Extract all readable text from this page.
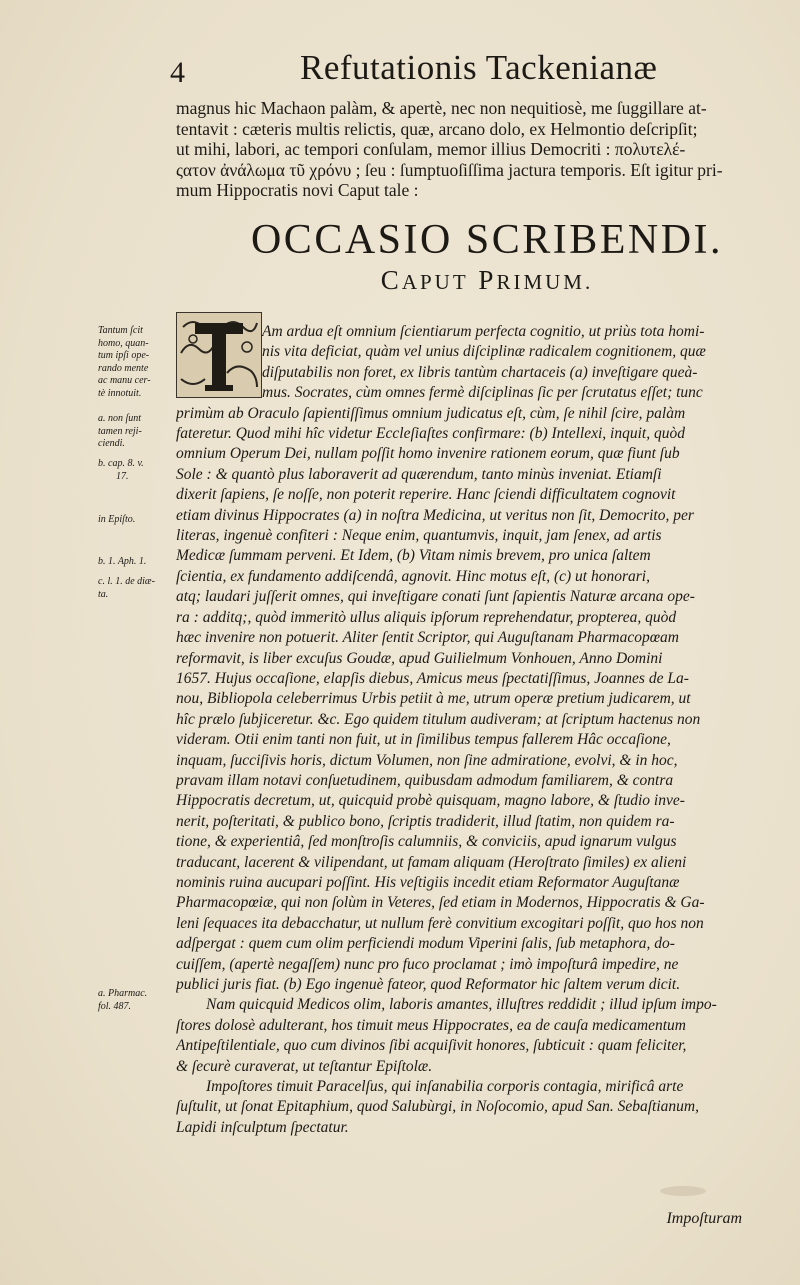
4	Refutationis Tackenianæ
magnus hic Machaon palàm, & apertè, nec non nequitiosè, me ſuggillare at-
tentavit : cæteris multis relictis, quæ, arcano dolo, ex Helmontio deſcripſit;
ut mihi, labori, ac tempori conſulam, memor illius Democriti : πολυτελέ-
ςατον ἀνάλωμα τῦ χρόνυ ; ſeu : ſumptuoſiſſima jactura temporis. Eſt igitur pri-
mum Hippocratis novi Caput tale :
OCCASIO SCRIBENDI.
CAPUT PRIMUM.
Am ardua eſt omnium ſcientiarum perfecta cognitio, ut priùs tota homi-
nis vita deficiat, quàm vel unius diſciplinæ radicalem cognitionem, quæ
diſputabilis non foret, ex libris tantùm chartaceis (a) inveſtigare queà-
mus. Socrates, cùm omnes fermè diſciplinas ſic per ſcrutatus eſſet; tunc
primùm ab Oraculo ſapientiſſimus omnium judicatus eſt, cùm, ſe nihil ſcire, palàm
fateretur. Quod mihi hîc videtur Eccleſiaſtes confirmare: (b) Intellexi, inquit, quòd
omnium Operum Dei, nullam poſſit homo invenire rationem eorum, quæ fiunt ſub
Sole : & quantò plus laboraverit ad quærendum, tanto minùs inveniat. Etiamſi
dixerit ſapiens, ſe noſſe, non poterit reperire. Hanc ſciendi difficultatem cognovit
etiam divinus Hippocrates (a) in noſtra Medicina, ut veritus non ſit, Democrito, per
literas, ingenuè confiteri : Neque enim, quantumvis, inquit, jam ſenex, ad artis
Medicæ ſummam perveni. Et Idem, (b) Vitam nimis brevem, pro unica ſaltem
ſcientia, ex fundamento addiſcendâ, agnovit. Hinc motus eſt, (c) ut honorari,
atq; laudari juſſerit omnes, qui inveſtigare conati ſunt ſapientis Naturæ arcana ope-
ra : additq;, quòd immeritò ullus aliquis ipſorum reprehendatur, propterea, quòd
hæc invenire non potuerit. Aliter ſentit Scriptor, qui Auguſtanam Pharmacopœam
reformavit, is liber excuſus Goudæ, apud Guilielmum Vonhouen, Anno Domini
1657. Hujus occaſione, elapſis diebus, Amicus meus ſpectatiſſimus, Joannes de La-
nou, Bibliopola celeberrimus Urbis petiit à me, utrum operæ pretium judicarem, ut
hîc prælo ſubjiceretur. &c. Ego quidem titulum audiveram; at ſcriptum hactenus non
videram. Otii enim tanti non fuit, ut in ſimilibus tempus fallerem Hâc occaſione,
inquam, ſucciſivis horis, dictum Volumen, non ſine admiratione, evolvi, & in hoc,
pravam illam notavi conſuetudinem, quibusdam admodum familiarem, & contra
Hippocratis decretum, ut, quicquid probè quisquam, magno labore, & ſtudio inve-
nerit, poſteritati, & publico bono, ſcriptis tradiderit, illud ſtatim, non quidem ra-
tione, & experientiâ, ſed monſtroſis calumniis, & conviciis, apud ignarum vulgus
traducant, lacerent & vilipendant, ut famam aliquam (Heroſtrato ſimiles) ex alieni
nominis ruina aucupari poſſint. His veſtigiis incedit etiam Reformator Auguſtanæ
Pharmacopœiæ, qui non ſolùm in Veteres, ſed etiam in Modernos, Hippocratis & Ga-
leni ſequaces ita debacchatur, ut nullum ferè convitium excogitari poſſit, quo hos non
adſpergat : quem cum olim perficiendi modum Viperini ſalis, ſub metaphora, do-
cuiſſem, (apertè negaſſem) nunc pro fuco proclamat ; imò impoſturâ impedire, ne
publici juris fiat. (b) Ego ingenuè fateor, quod Reformator hic ſaltem verum dicit.
Nam quicquid Medicos olim, laboris amantes, illuſtres reddidit ; illud ipſum impo-
ſtores dolosè adulterant, hos timuit meus Hippocrates, ea de cauſa medicamentum
Antipeſtilentiale, quo cum divinos ſibi acquiſivit honores, ſubticuit : quam feliciter,
& ſecurè curaverat, ut teſtantur Epiſtolæ.
Impoſtores timuit Paracelſus, qui inſanabilia corporis contagia, mirificâ arte
ſuſtulit, ut ſonat Epitaphium, quod Salubùrgi, in Noſocomio, apud San. Sebaſtianum,
Lapidi inſculptum ſpectatur.
Tantum ſcit
homo, quan-
tum ipſi ope-
rando mente
ac manu cer-
tè innotuit.
a. non ſunt
tamen reji-
ciendi.
b. cap. 8. v.
17.
in Epiſto.
b. 1. Aph. 1.
c. l. 1. de diæ-
ta.
a. Pharmac.
fol. 487.
Impoſturam
